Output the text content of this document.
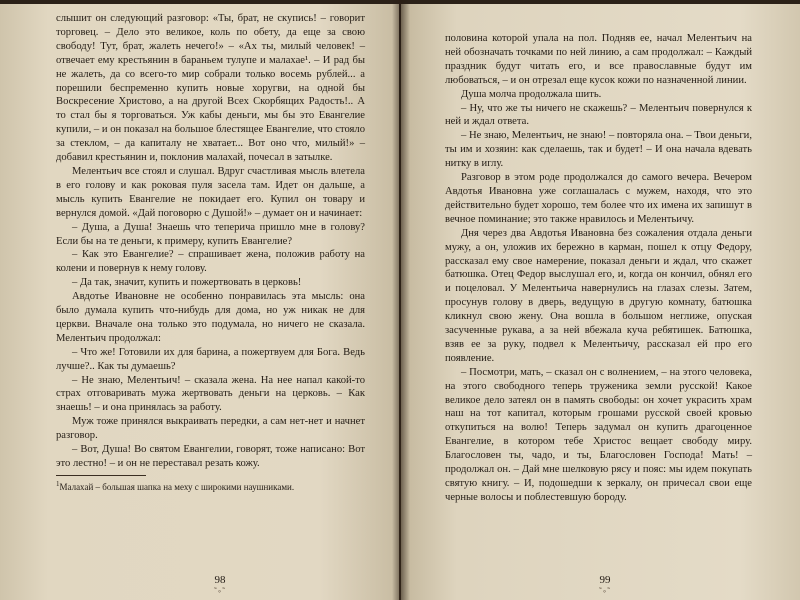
слышит он следующий разговор: «Ты, брат, не скупись! – говорит торговец. – Дело это великое, коль по обету, да еще за свою свободу! Тут, брат, жалеть нечего!» – «Ах ты, милый человек! – отвечает ему крестьянин в бараньем тулупе и малахае¹. – И рад бы не жалеть, да со всего-то мир собрали только восемь рублей... а порешили беспременно купить новые хоругви, на одной бы Воскресение Христово, а на другой Всех Скорбящих Радость!.. А то стал бы я торговаться. Уж кабы деньги, мы бы это Евангелие купили, – и он показал на большое блестящее Евангелие, что стояло за стеклом, – да капиталу не хватает... Вот оно что, милый!» – добавил крестьянин и, поклонив малахай, почесал в затылке.

Мелентьич все стоял и слушал. Вдруг счастливая мысль влетела в его голову и как роковая пуля засела там. Идет он дальше, а мысль купить Евангелие не покидает его. Купил он товару и вернулся домой. «Дай поговорю с Душой!» – думает он и начинает:

– Душа, а Душа! Знаешь что теперича пришло мне в голову? Если бы на те деньги, к примеру, купить Евангелие?

– Как это Евангелие? – спрашивает жена, положив работу на колени и повернув к нему голову.

– Да так, значит, купить и пожертвовать в церковь!

Авдотье Ивановне не особенно понравилась эта мысль: она было думала купить что-нибудь для дома, но уж никак не для церкви. Вначале она только это подумала, но ничего не сказала. Мелентьич продолжал:

– Что же! Готовили их для барина, а пожертвуем для Бога. Ведь лучше?.. Как ты думаешь?

– Не знаю, Мелентьич! – сказала жена. На нее напал какой-то страх отговаривать мужа жертвовать деньги на церковь. – Как знаешь! – и она принялась за работу.

Муж тоже принялся выкраивать передки, а сам нет-нет и начнет разговор.

– Вот, Душа! Во святом Евангелии, говорят, тоже написано: Вот это лестно! – и он не переставал резать кожу.

$^1$Малахай – большая шапка на меху с широкими наушниками.

98
˜◦˜

половина которой упала на пол. Подняв ее, начал Мелентьич на ней обозначать точками по ней линию, а сам продолжал: – Каждый праздник будут читать его, и все православные будут им любоваться, – и он отрезал еще кусок кожи по назначенной линии.

Душа молча продолжала шить.

– Ну, что же ты ничего не скажешь? – Мелентьич повернулся к ней и ждал ответа.

– Не знаю, Мелентьич, не знаю! – повторяла она. – Твои деньги, ты им и хозяин: как сделаешь, так и будет! – И она начала вдевать нитку в иглу.

Разговор в этом роде продолжался до самого вечера. Вечером Авдотья Ивановна уже соглашалась с мужем, находя, что это действительно будет хорошо, тем более что их имена их запишут в вечное поминание; это также нравилось и Мелентьичу.

Дня через два Авдотья Ивановна без сожаления отдала деньги мужу, а он, уложив их бережно в карман, пошел к отцу Федору, рассказал ему свое намерение, показал деньги и ждал, что скажет батюшка. Отец Федор выслушал его, и, когда он кончил, обнял его и поцеловал. У Мелентьича навернулись на глазах слезы. Затем, просунув голову в дверь, ведущую в другую комнату, батюшка кликнул свою жену. Она вошла в большом неглиже, опуская засученные рукава, а за ней вбежала куча ребятишек. Батюшка, взяв ее за руку, подвел к Мелентьичу, рассказал ей про его появление.

– Посмотри, мать, – сказал он с волнением, – на этого человека, на этого свободного теперь труженика земли русской! Какое великое дело затеял он в память свободы: он хочет украсить храм наш на тот капитал, которым грошами русской своей кровью откупиться на волю! Теперь задумал он купить драгоценное Евангелие, в котором тебе Христос вещает свободу миру. Благословен ты, чадо, и ты, Благословен Господа! Мать! – продолжал он. – Дай мне шелковую рясу и пояс: мы идем покупать святую книгу. – И, подошедши к зеркалу, он причесал свои еще черные волосы и поблестевшую бороду.

99
˜◦˜
